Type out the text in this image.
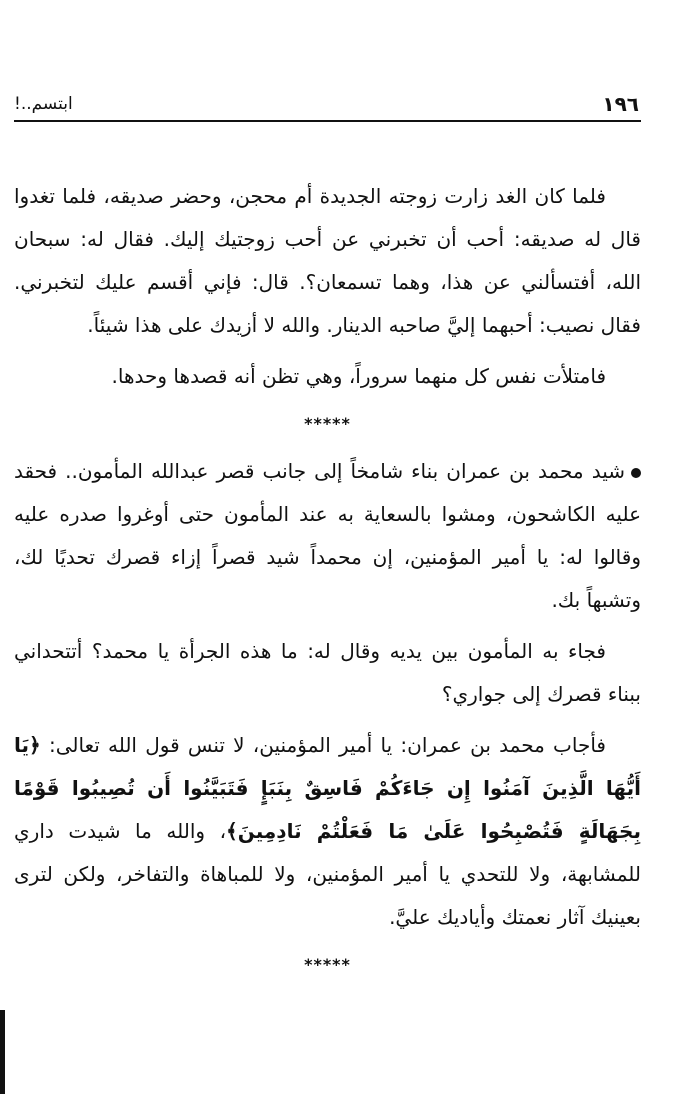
١٩٦
ابتسم..!

فلما كان الغد زارت زوجته الجديدة أم محجن، وحضر صديقه، فلما تغدوا قال له صديقه: أحب أن تخبرني عن أحب زوجتيك إليك. فقال له: سبحان الله، أفتسألني عن هذا، وهما تسمعان؟. قال: فإني أقسم عليك لتخبرني. فقال نصيب: أحبهما إليَّ صاحبه الدينار. والله لا أزيدك على هذا شيئاً.

فامتلأت نفس كل منهما سروراً، وهي تظن أنه قصدها وحدها.

*****

شيد محمد بن عمران بناء شامخاً إلى جانب قصر عبدالله المأمون.. فحقد عليه الكاشحون، ومشوا بالسعاية به عند المأمون حتى أوغروا صدره عليه وقالوا له: يا أمير المؤمنين، إن محمداً شيد قصراً إزاء قصرك تحديًا لك، وتشبهاً بك.

فجاء به المأمون بين يديه وقال له: ما هذه الجرأة يا محمد؟ أتتحداني ببناء قصرك إلى جواري؟

فأجاب محمد بن عمران: يا أمير المؤمنين، لا تنس قول الله تعالى: ﴿يَا أَيُّهَا الَّذِينَ آمَنُوا إِن جَاءَكُمْ فَاسِقٌ بِنَبَإٍ فَتَبَيَّنُوا أَن تُصِيبُوا قَوْمًا بِجَهَالَةٍ فَتُصْبِحُوا عَلَىٰ مَا فَعَلْتُمْ نَادِمِينَ﴾، والله ما شيدت داري للمشابهة، ولا للتحدي يا أمير المؤمنين، ولا للمباهاة والتفاخر، ولكن لترى بعينيك آثار نعمتك وأياديك عليَّ.

*****
